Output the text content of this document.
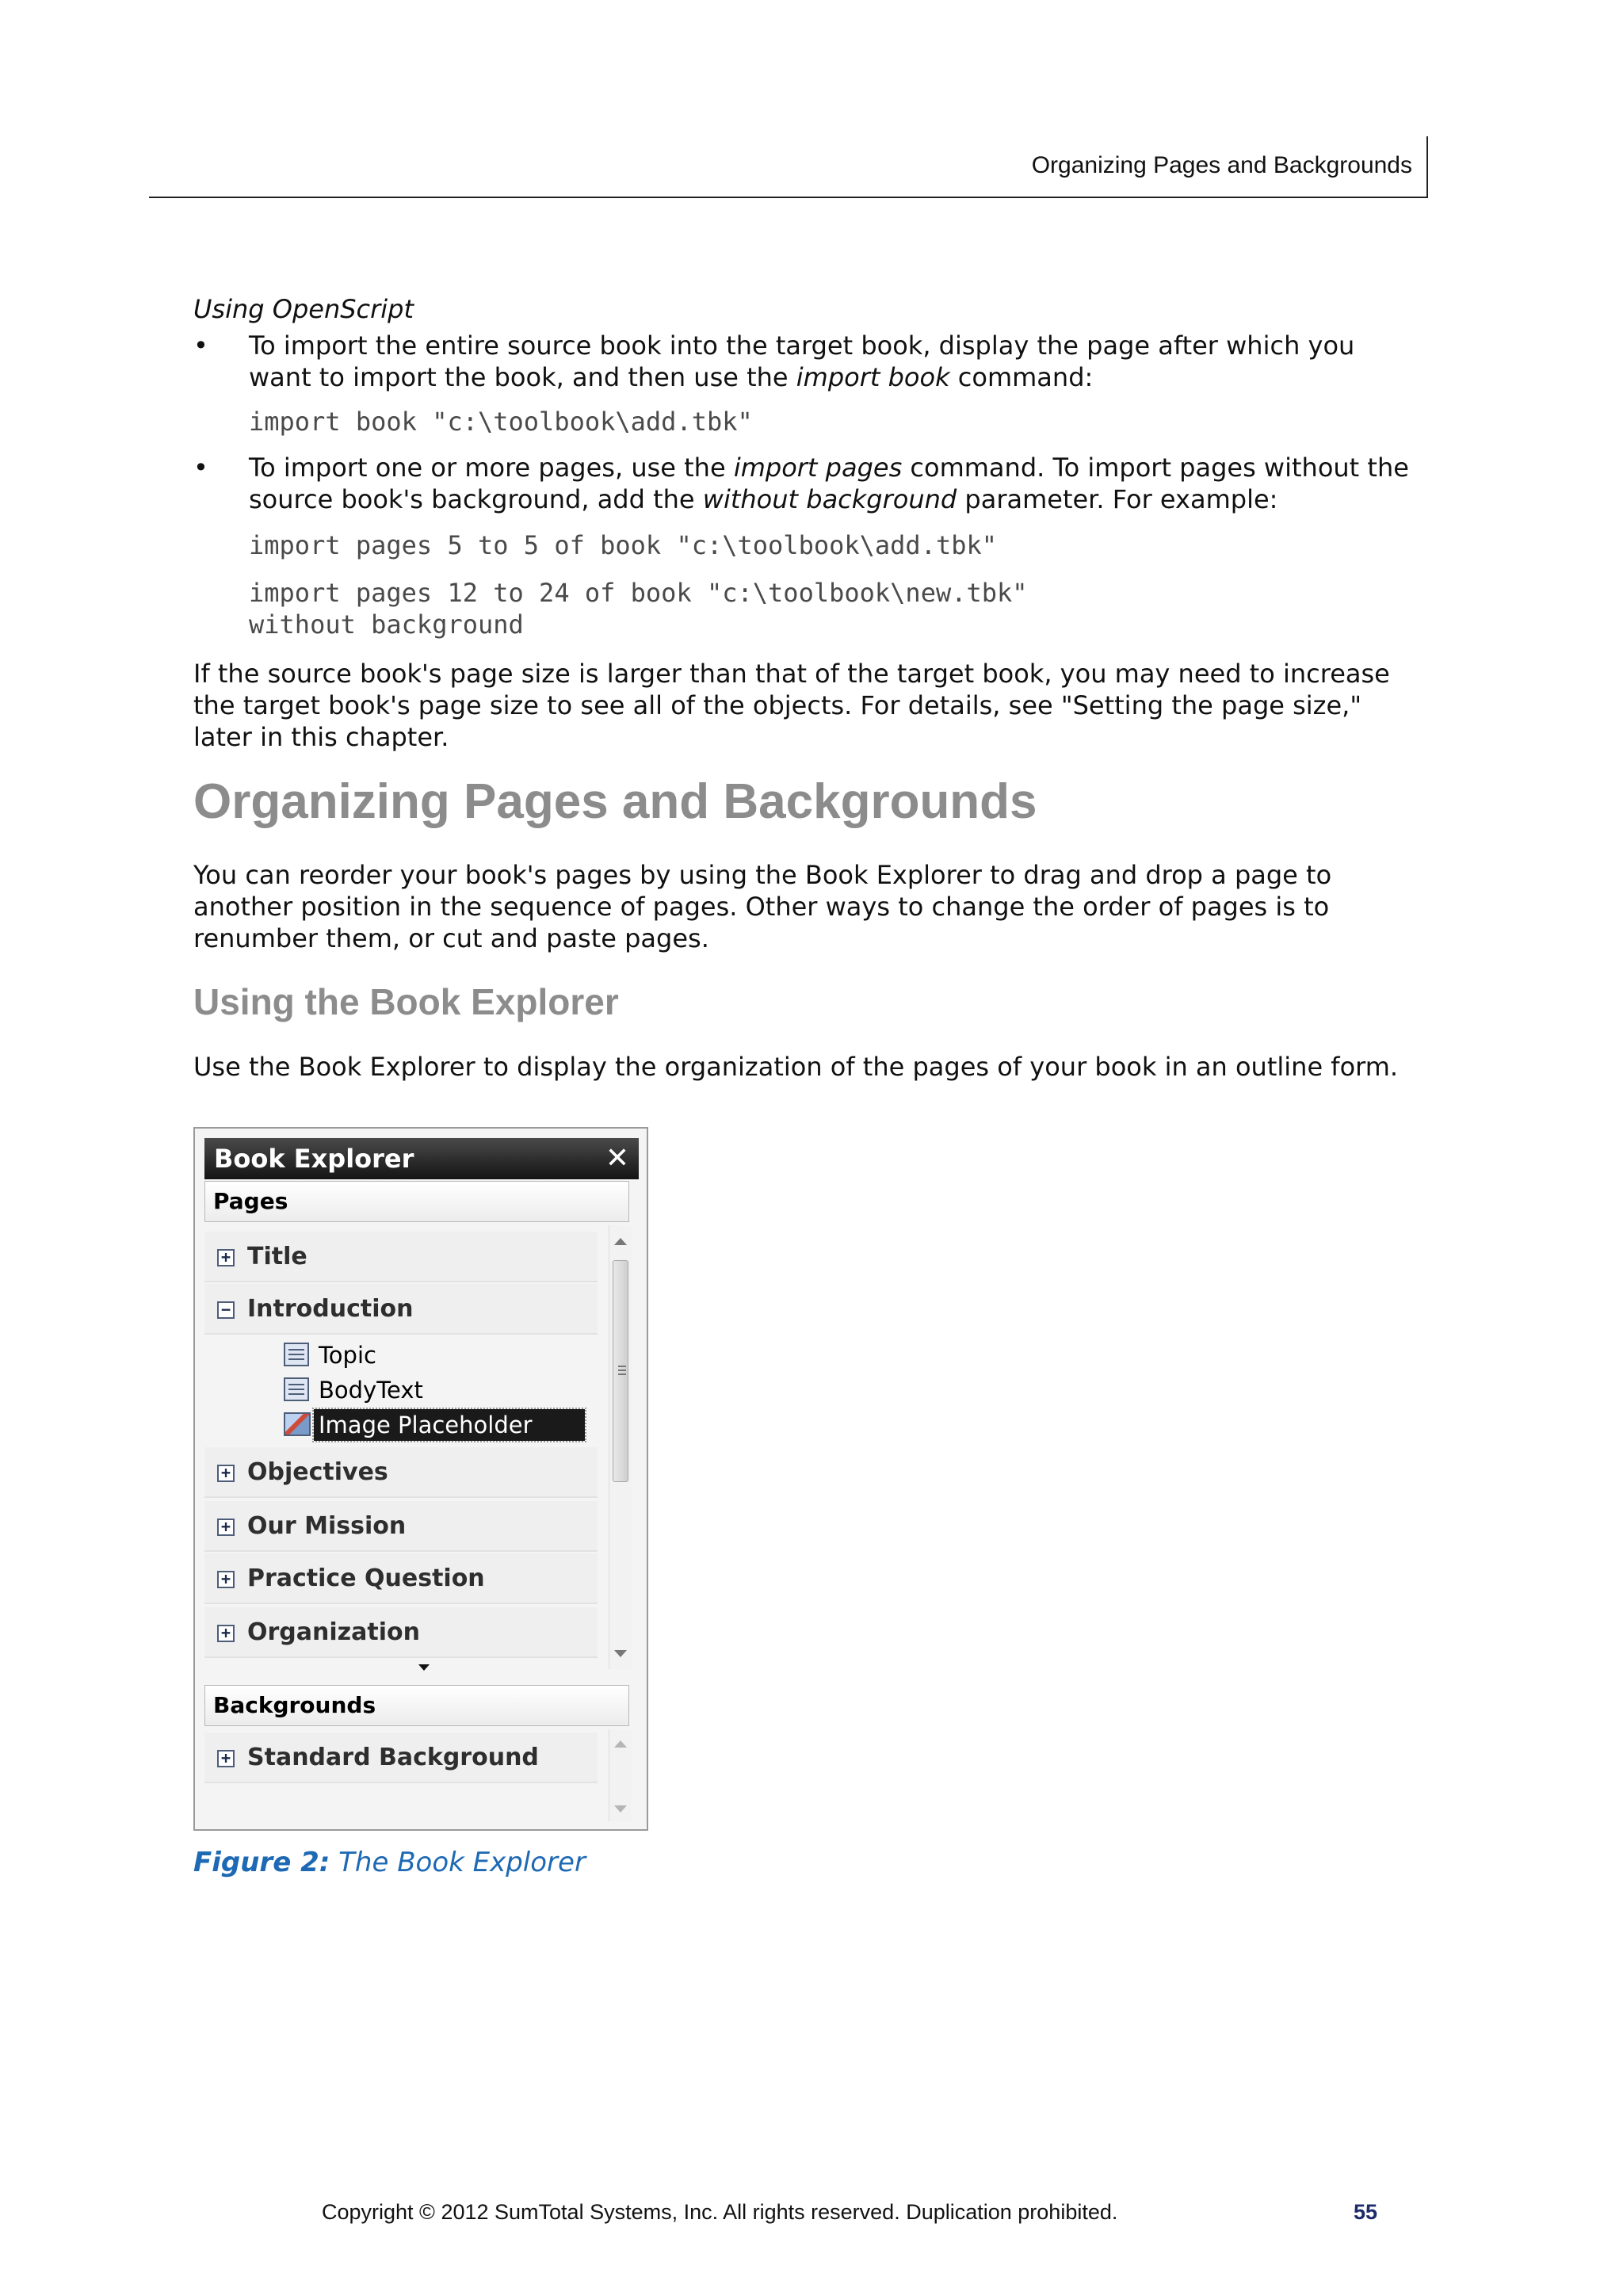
Organizing Pages and Backgrounds

Using OpenScript

• To import the entire source book into the target book, display the page after which you want to import the book, and then use the import book command:

import book "c:\toolbook\add.tbk"

• To import one or more pages, use the import pages command. To import pages without the source book's background, add the without background parameter. For example:

import pages 5 to 5 of book "c:\toolbook\add.tbk"

import pages 12 to 24 of book "c:\toolbook\new.tbk"

without background

If the source book's page size is larger than that of the target book, you may need to increase the target book's page size to see all of the objects. For details, see "Setting the page size," later in this chapter.

Organizing Pages and Backgrounds

You can reorder your book's pages by using the Book Explorer to drag and drop a page to another position in the sequence of pages. Other ways to change the order of pages is to renumber them, or cut and paste pages.

Using the Book Explorer

Use the Book Explorer to display the organization of the pages of your book in an outline form.

Book Explorer	✕
Pages
+ Title
− Introduction
Topic
BodyText
Image Placeholder
+ Objectives
+ Our Mission
+ Practice Question
+ Organization
Backgrounds
+ Standard Background
Figure 2: The Book Explorer
Copyright © 2012 SumTotal Systems, Inc. All rights reserved. Duplication prohibited.	55
